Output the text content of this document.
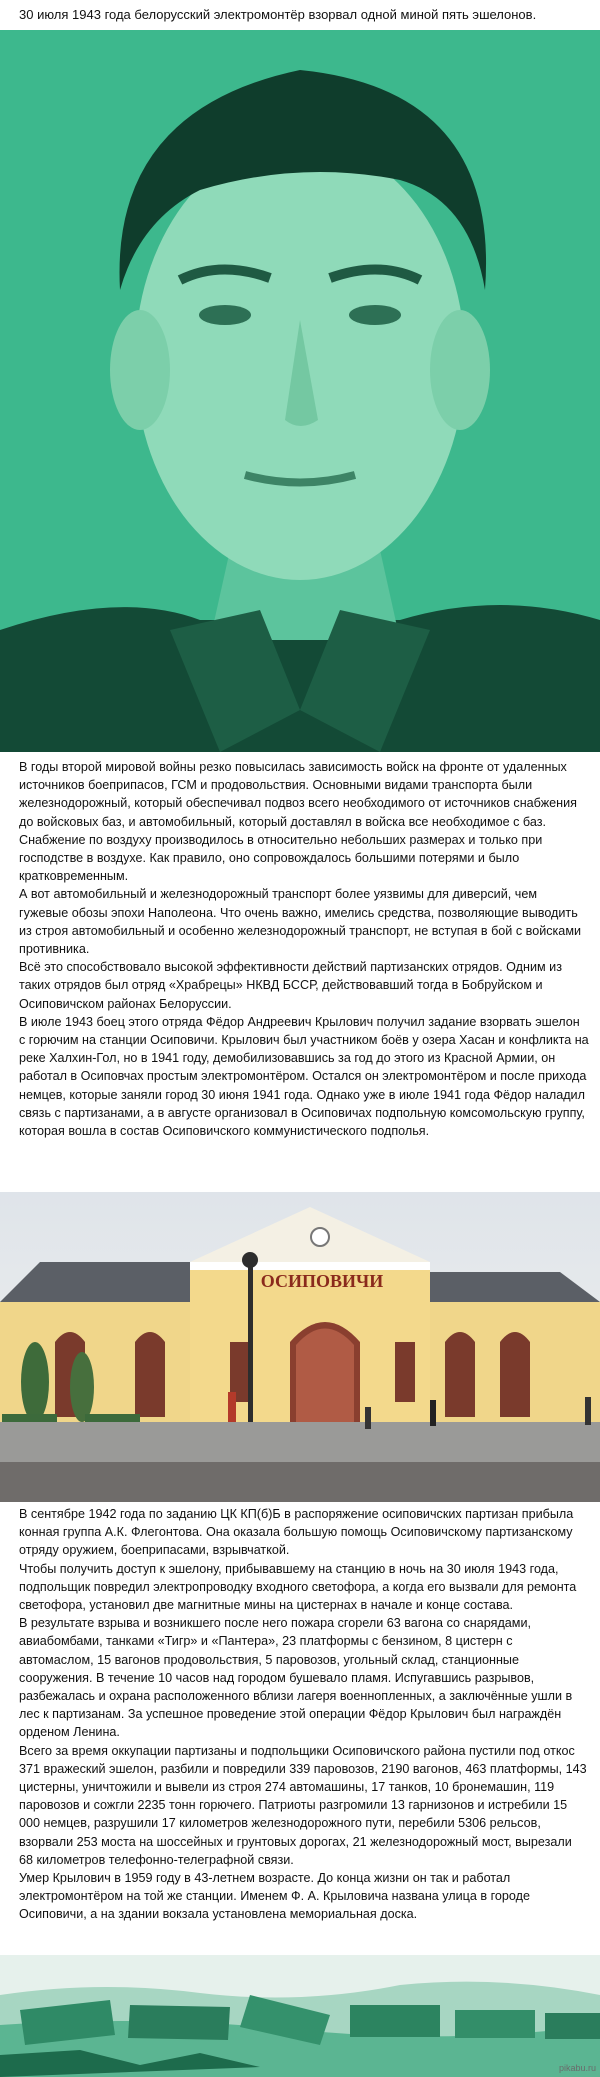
30 июля 1943 года белорусский электромонтёр взорвал одной миной пять эшелонов.

В годы второй мировой войны резко повысилась зависимость войск на фронте от удаленных источников боеприпасов, ГСМ и продовольствия. Основными видами транспорта были железнодорожный, который обеспечивал подвоз всего необходимого от источников снабжения до войсковых баз, и автомобильный, который доставлял в войска все необходимое с баз. Снабжение по воздуху производилось в относительно небольших размерах и только при господстве в воздухе. Как правило, оно сопровождалось большими потерями и было кратковременным.

А вот автомобильный и железнодорожный транспорт более уязвимы для диверсий, чем гужевые обозы эпохи Наполеона. Что очень важно, имелись средства, позволяющие выводить из строя автомобильный и особенно железнодорожный транспорт, не вступая в бой с войсками противника.

Всё это способствовало высокой эффективности действий партизанских отрядов. Одним из таких отрядов был отряд «Храбрецы» НКВД БССР, действовавший тогда в Бобруйском и Осиповичском районах Белоруссии.

В июле 1943 боец этого отряда Фёдор Андреевич Крылович получил задание взорвать эшелон с горючим на станции Осиповичи. Крылович был участником боёв у озера Хасан и конфликта на реке Халхин-Гол, но в 1941 году, демобилизовавшись за год до этого из Красной Армии, он работал в Осиповчах простым электромонтёром. Остался он электромонтёром и после прихода немцев, которые заняли город 30 июня 1941 года. Однако уже в июле 1941 года Фёдор наладил связь с партизанами, а в августе организовал в Осиповичах подпольную комсомольскую группу, которая вошла в состав Осиповичского коммунистического подполья.

ОСИПОВИЧИ

В сентябре 1942 года по заданию ЦК КП(б)Б в распоряжение осиповичских партизан прибыла конная группа А.К. Флегонтова. Она оказала большую помощь Осиповичскому партизанскому отряду оружием, боеприпасами, взрывчаткой.

Чтобы получить доступ к эшелону, прибывавшему на станцию в ночь на 30 июля 1943 года, подпольщик повредил электропроводку входного светофора, а когда его вызвали для ремонта светофора, установил две магнитные мины на цистернах в начале и конце состава.

В результате взрыва и возникшего после него пожара сгорели 63 вагона со снарядами, авиабомбами, танками «Тигр» и «Пантера», 23 платформы с бензином, 8 цистерн с автомаслом, 15 вагонов продовольствия, 5 паровозов, угольный склад, станционные сооружения. В течение 10 часов над городом бушевало пламя. Испугавшись разрывов, разбежалась и охрана расположенного вблизи лагеря военнопленных, а заключённые ушли в лес к партизанам. За успешное проведение этой операции Фёдор Крылович был награждён орденом Ленина.

Всего за время оккупации партизаны и подпольщики Осиповичского района пустили под откос 371 вражеский эшелон, разбили и повредили 339 паровозов, 2190 вагонов, 463 платформы, 143 цистерны, уничтожили и вывели из строя 274 автомашины, 17 танков, 10 бронемашин, 119 паровозов и сожгли 2235 тонн горючего. Патриоты разгромили 13 гарнизонов и истребили 15 000 немцев, разрушили 17 километров железнодорожного пути, перебили 5306 рельсов, взорвали 253 моста на шоссейных и грунтовых дорогах, 21 железнодорожный мост, вырезали 68 километров телефонно-телеграфной связи.

Умер Крылович в 1959 году в 43-летнем возрасте. До конца жизни он так и работал электромонтёром на той же станции. Именем Ф. А. Крыловича названа улица в городе Осиповичи, а на здании вокзала установлена мемориальная доска.

pikabu.ru
